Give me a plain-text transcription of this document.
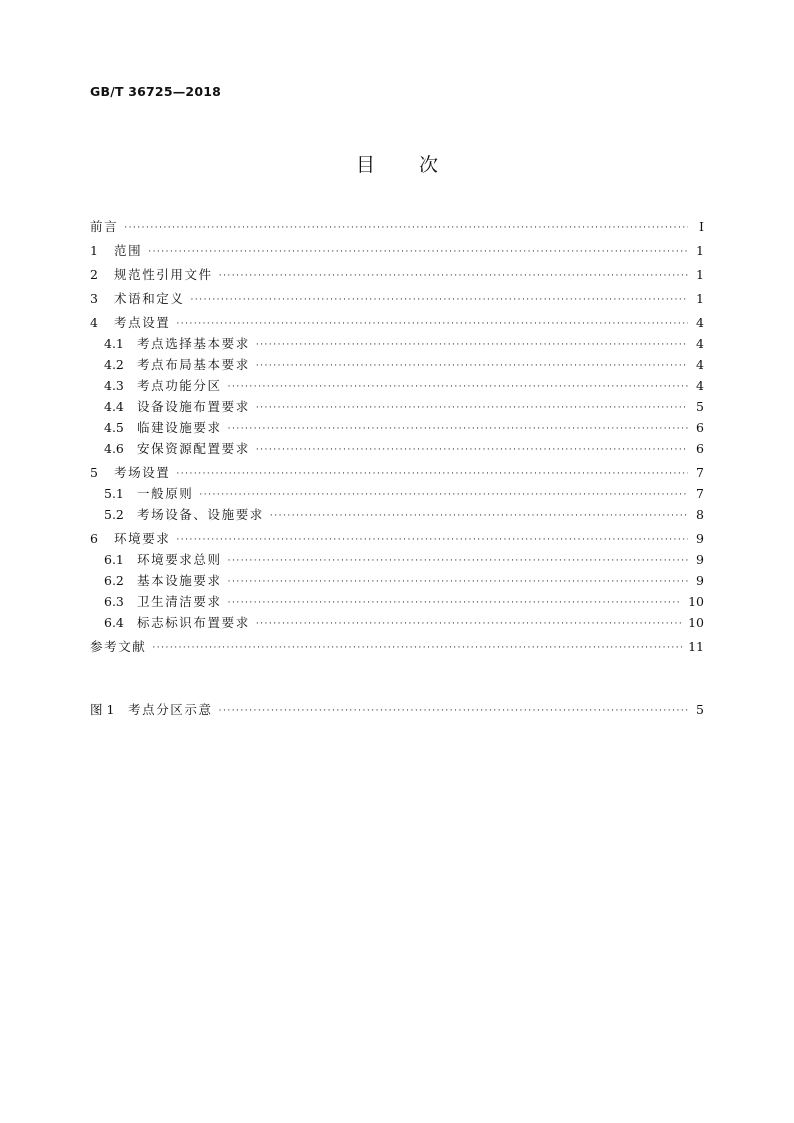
GB/T 36725—2018
目次
前言 ·····	Ⅰ
1	范围 ·····	1
2	规范性引用文件 ·····	1
3	术语和定义 ·····	1
4	考点设置 ·····	4
4.1	考点选择基本要求 ·····	4
4.2	考点布局基本要求 ·····	4
4.3	考点功能分区 ·····	4
4.4	设备设施布置要求 ·····	5
4.5	临建设施要求 ·····	6
4.6	安保资源配置要求 ·····	6
5	考场设置 ·····	7
5.1	一般原则 ·····	7
5.2	考场设备、设施要求 ·····	8
6	环境要求 ·····	9
6.1	环境要求总则 ·····	9
6.2	基本设施要求 ·····	9
6.3	卫生清洁要求 ·····	10
6.4	标志标识布置要求 ·····	10
参考文献 ·····	11
图 1	考点分区示意 ·····	5
